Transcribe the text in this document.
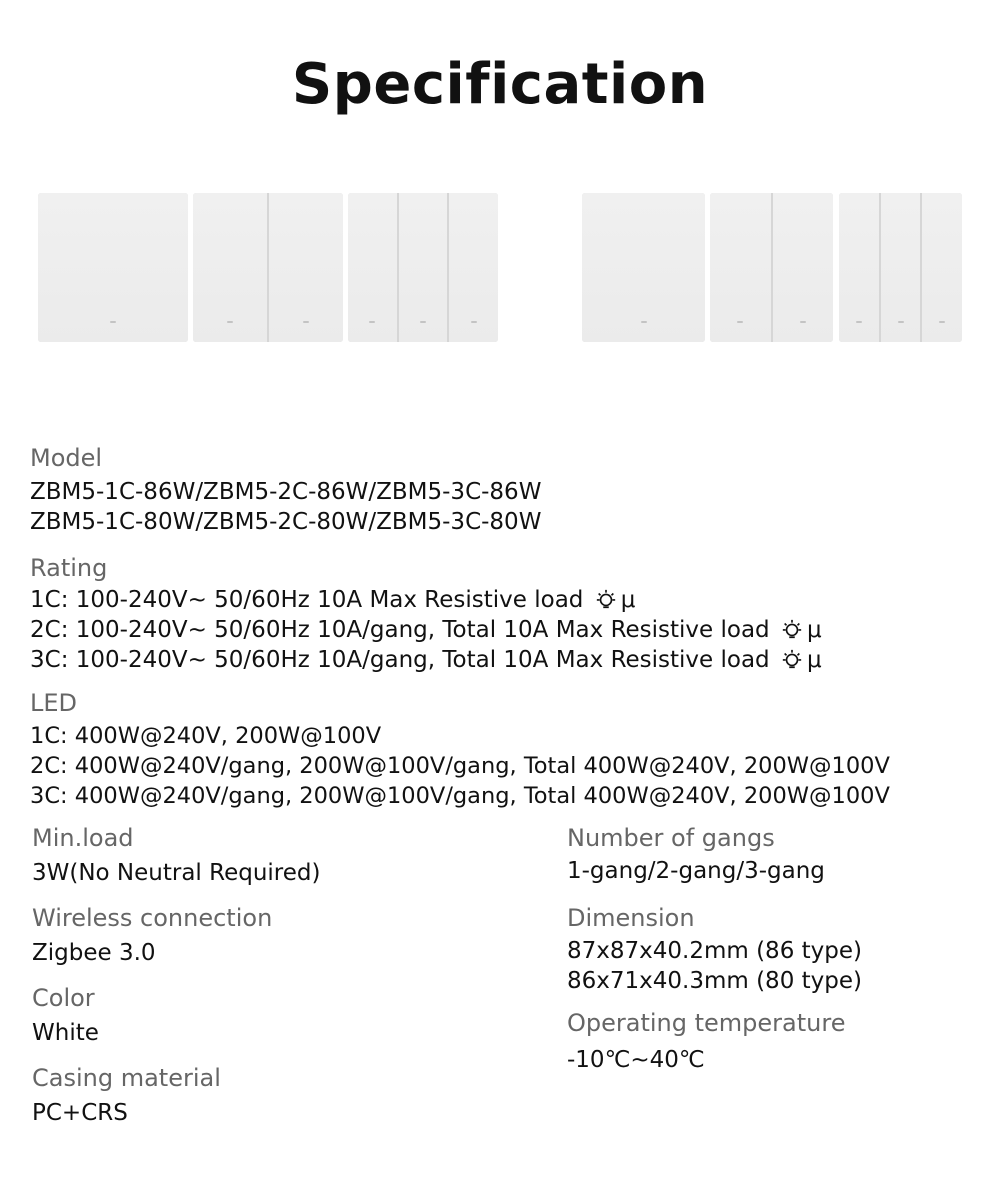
Specification
Model
ZBM5-1C-86W/ZBM5-2C-86W/ZBM5-3C-86W
ZBM5-1C-80W/ZBM5-2C-80W/ZBM5-3C-80W
Rating
1C: 100-240V~ 50/60Hz 10A Max Resistive load μ
2C: 100-240V~ 50/60Hz 10A/gang, Total 10A Max Resistive load μ
3C: 100-240V~ 50/60Hz 10A/gang, Total 10A Max Resistive load μ
LED
1C: 400W@240V, 200W@100V
2C: 400W@240V/gang, 200W@100V/gang, Total 400W@240V, 200W@100V
3C: 400W@240V/gang, 200W@100V/gang, Total 400W@240V, 200W@100V
Min.load
3W(No Neutral Required)
Wireless connection
Zigbee 3.0
Color
White
Casing material
PC+CRS
Number of gangs
1-gang/2-gang/3-gang
Dimension
87x87x40.2mm (86 type)
86x71x40.3mm (80 type)
Operating temperature
-10℃~40℃
